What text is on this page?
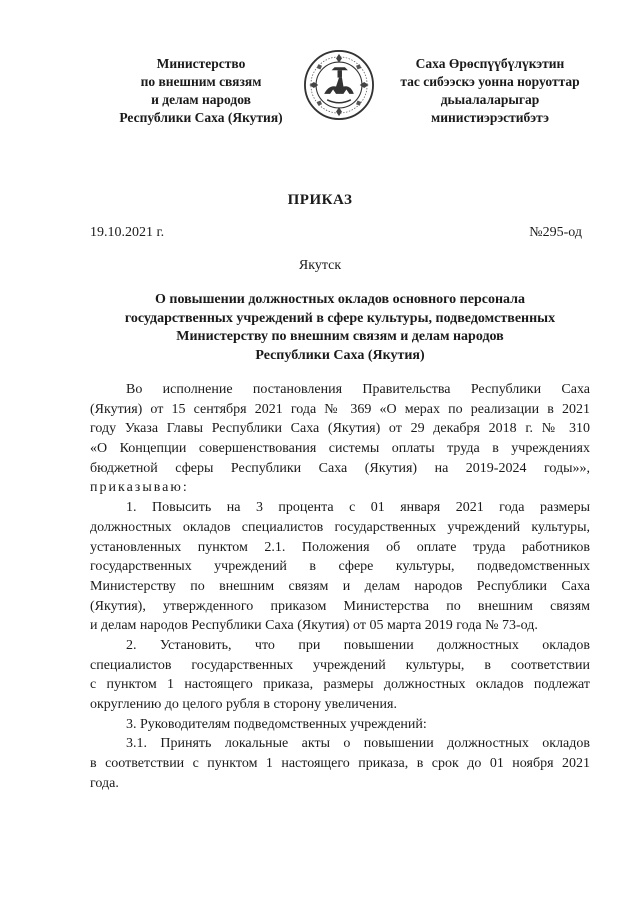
Министерство
по внешним связям
и делам народов
Республики Саха (Якутия)
Саха Өрөспүүбүлүкэтин
тас сибээскэ уонна норуоттар
дьыалаларыгар
министиэрэстибэтэ
ПРИКАЗ
19.10.2021 г.	№295-од
Якутск
О повышении должностных окладов основного персонала
государственных учреждений в сфере культуры, подведомственных
Министерству по внешним связям и делам народов
Республики Саха (Якутия)
Во исполнение постановления Правительства Республики Саха
(Якутия) от 15 сентября 2021 года № 369 «О мерах по реализации в 2021
году Указа Главы Республики Саха (Якутия) от 29 декабря 2018 г. № 310
«О Концепции совершенствования системы оплаты труда в учреждениях
бюджетной сферы Республики Саха (Якутия) на 2019-2024 годы»»,
приказываю:
1. Повысить на 3 процента с 01 января 2021 года размеры
должностных окладов специалистов государственных учреждений культуры,
установленных пунктом 2.1. Положения об оплате труда работников
государственных учреждений в сфере культуры, подведомственных
Министерству по внешним связям и делам народов Республики Саха
(Якутия), утвержденного приказом Министерства по внешним связям
и делам народов Республики Саха (Якутия) от 05 марта 2019 года № 73-од.
2. Установить, что при повышении должностных окладов
специалистов государственных учреждений культуры, в соответствии
с пунктом 1 настоящего приказа, размеры должностных окладов подлежат
округлению до целого рубля в сторону увеличения.
3. Руководителям подведомственных учреждений:
3.1. Принять локальные акты о повышении должностных окладов
в соответствии с пунктом 1 настоящего приказа, в срок до 01 ноября 2021
года.
